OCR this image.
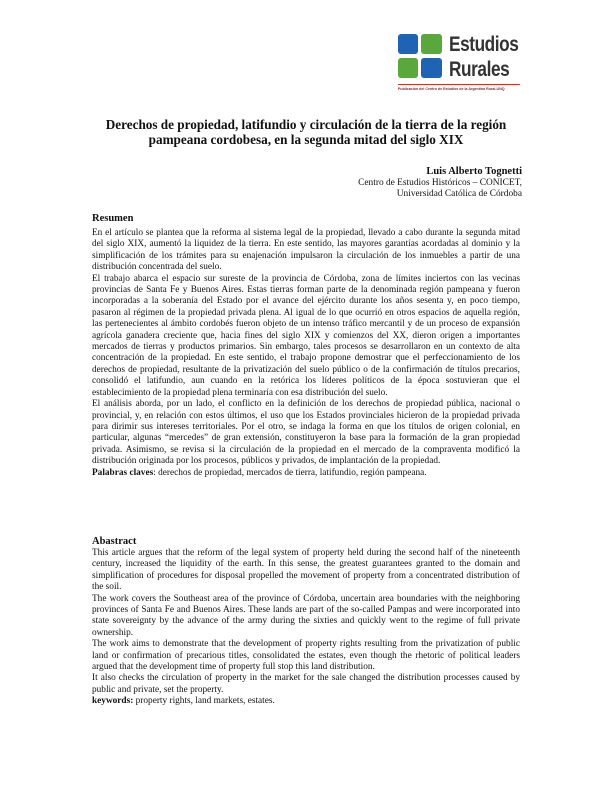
Estudios
Rurales
Publicación del Centro de Estudios de la Argentina Rural-UNQ
Derechos de propiedad, latifundio y circulación de la tierra de la región pampeana cordobesa, en la segunda mitad del siglo XIX
Luis Alberto Tognetti
Centro de Estudios Históricos – CONICET,
Universidad Católica de Córdoba
Resumen

En el artículo se plantea que la reforma al sistema legal de la propiedad, llevado a cabo durante la segunda mitad del siglo XIX, aumentó la liquidez de la tierra. En este sentido, las mayores garantías acordadas al dominio y la simplificación de los trámites para su enajenación impulsaron la circulación de los inmuebles a partir de una distribución concentrada del suelo.

El trabajo abarca el espacio sur sureste de la provincia de Córdoba, zona de límites inciertos con las vecinas provincias de Santa Fe y Buenos Aires. Estas tierras forman parte de la denominada región pampeana y fueron incorporadas a la soberanía del Estado por el avance del ejército durante los años sesenta y, en poco tiempo, pasaron al régimen de la propiedad privada plena. Al igual de lo que ocurrió en otros espacios de aquella región, las pertenecientes al ámbito cordobés fueron objeto de un intenso tráfico mercantil y de un proceso de expansión agrícola ganadera creciente que, hacia fines del siglo XIX y comienzos del XX, dieron origen a importantes mercados de tierras y productos primarios. Sin embargo, tales procesos se desarrollaron en un contexto de alta concentración de la propiedad. En este sentido, el trabajo propone demostrar que el perfeccionamiento de los derechos de propiedad, resultante de la privatización del suelo público o de la confirmación de títulos precarios, consolidó el latifundio, aun cuando en la retórica los líderes políticos de la época sostuvieran que el establecimiento de la propiedad plena terminaría con esa distribución del suelo.

El análisis aborda, por un lado, el conflicto en la definición de los derechos de propiedad pública, nacional o provincial, y, en relación con estos últimos, el uso que los Estados provinciales hicieron de la propiedad privada para dirimir sus intereses territoriales. Por el otro, se indaga la forma en que los títulos de origen colonial, en particular, algunas “mercedes” de gran extensión, constituyeron la base para la formación de la gran propiedad privada. Asimismo, se revisa si la circulación de la propiedad en el mercado de la compraventa modificó la distribución originada por los procesos, públicos y privados, de implantación de la propiedad.

Palabras claves: derechos de propiedad, mercados de tierra, latifundio, región pampeana.

Abastract

This article argues that the reform of the legal system of property held during the second half of the nineteenth century, increased the liquidity of the earth. In this sense, the greatest guarantees granted to the domain and simplification of procedures for disposal propelled the movement of property from a concentrated distribution of the soil.

The work covers the Southeast area of the province of Córdoba, uncertain area boundaries with the neighboring provinces of Santa Fe and Buenos Aires. These lands are part of the so-called Pampas and were incorporated into state sovereignty by the advance of the army during the sixties and quickly went to the regime of full private ownership.

The work aims to demonstrate that the development of property rights resulting from the privatization of public land or confirmation of precarious titles, consolidated the estates, even though the rhetoric of political leaders argued that the development time of property full stop this land distribution.

It also checks the circulation of property in the market for the sale changed the distribution processes caused by public and private, set the property.

keywords: property rights, land markets, estates.
